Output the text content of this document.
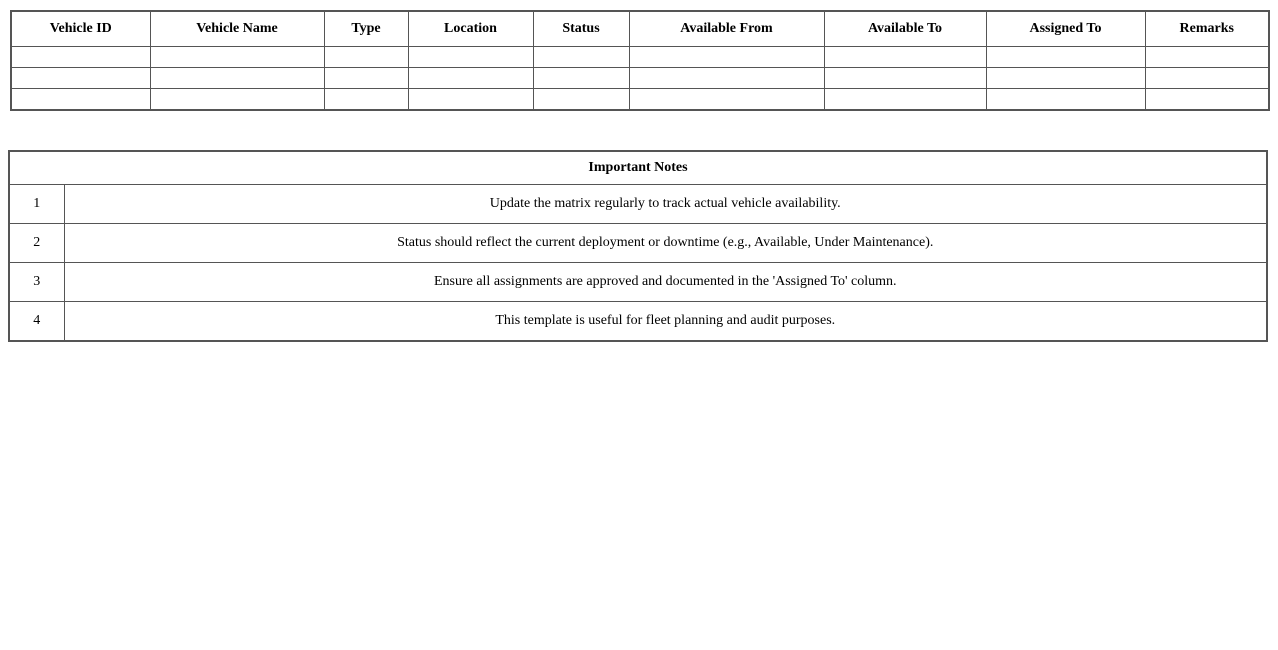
Vehicle ID	Vehicle Name	Type	Location	Status	Available From	Available To	Assigned To	Remarks

Important Notes	
1	Update the matrix regularly to track actual vehicle availability.
2	Status should reflect the current deployment or downtime (e.g., Available, Under Maintenance).
3	Ensure all assignments are approved and documented in the 'Assigned To' column.
4	This template is useful for fleet planning and audit purposes.
